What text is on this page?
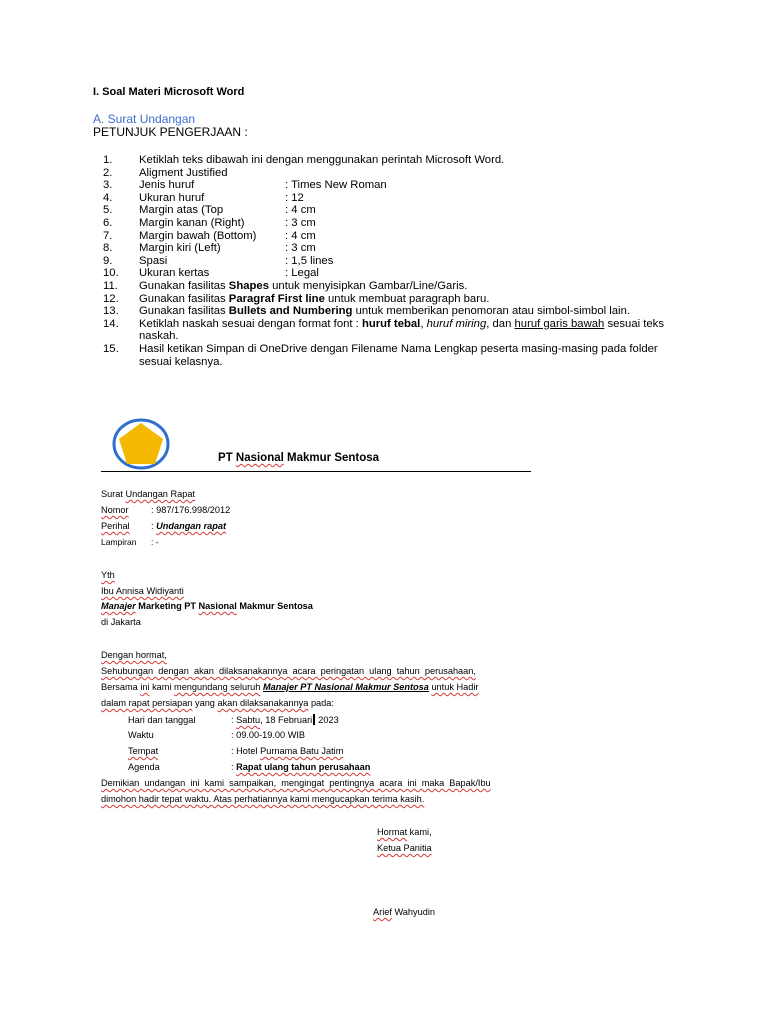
I. Soal Materi Microsoft Word
A. Surat Undangan
PETUNJUK PENGERJAAN :
1.	Ketiklah teks dibawah ini dengan menggunakan perintah Microsoft Word.
2.	Aligment Justified
3.	Jenis huruf	: Times New Roman
4.	Ukuran huruf	: 12
5.	Margin atas (Top	: 4 cm
6.	Margin kanan (Right)	: 3 cm
7.	Margin bawah (Bottom)	: 4 cm
8.	Margin kiri (Left)	: 3 cm
9.	Spasi	: 1,5 lines
10.	Ukuran kertas	: Legal
11.	Gunakan fasilitas Shapes untuk menyisipkan Gambar/Line/Garis.
12.	Gunakan fasilitas Paragraf First line untuk membuat paragraph baru.
13.	Gunakan fasilitas Bullets and Numbering untuk memberikan penomoran atau simbol-simbol lain.
14.	Ketiklah naskah sesuai dengan format font : huruf tebal, huruf miring, dan huruf garis bawah sesuai teks naskah.
15.	Hasil ketikan Simpan di OneDrive dengan Filename Nama Lengkap peserta masing-masing pada folder sesuai kelasnya.
PT Nasional Makmur Sentosa
Surat Undangan Rapat
Nomor : 987/176.998/2012
Perihal : Undangan rapat
Lampiran : -
Yth
Ibu Annisa Widiyanti
Manajer Marketing PT Nasional Makmur Sentosa
di Jakarta
Dengan hormat,
Sehubungan  dengan  akan  dilaksanakannya  acara  peringatan  ulang  tahun  perusahaan,
Bersama ini kami mengundang seluruh Manajer PT Nasional Makmur Sentosa untuk Hadir
dalam rapat persiapan yang akan dilaksanakannya pada:
Hari dan tanggal	: Sabtu, 18 Februari 2023
Waktu	: 09.00-19.00 WIB
Tempat	: Hotel Purnama Batu Jatim
Agenda	: Rapat ulang tahun perusahaan
Demikian  undangan  ini  kami  sampaikan,  mengingat  pentingnya  acara  ini  maka  Bapak/Ibu
dimohon hadir tepat waktu. Atas perhatiannya kami mengucapkan terima kasih.
Hormat kami,
Ketua Panitia
Arief Wahyudin
